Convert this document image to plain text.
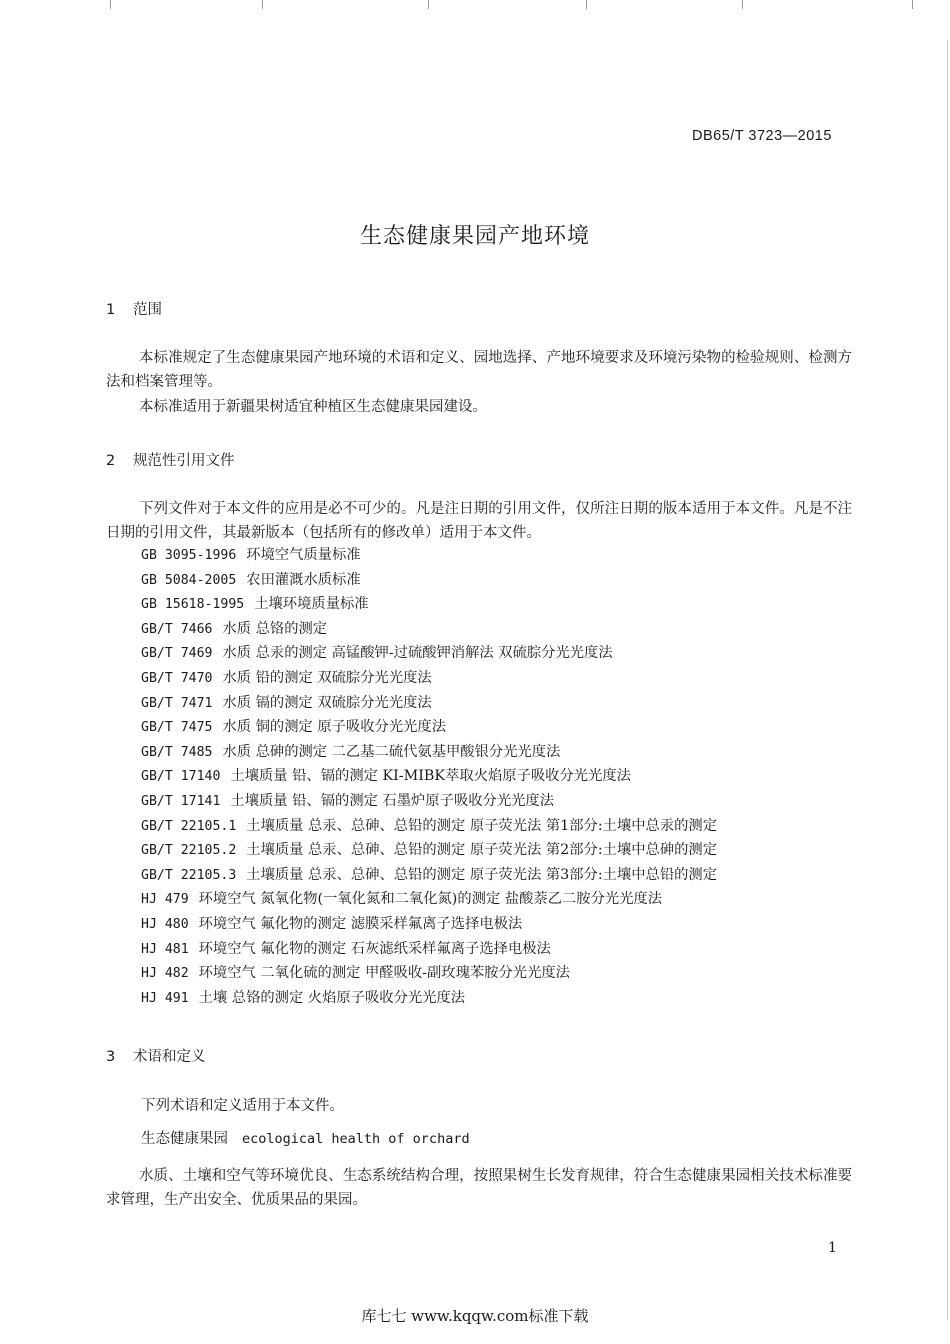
DB65/T 3723—2015
生态健康果园产地环境
1 范围
本标准规定了生态健康果园产地环境的术语和定义、园地选择、产地环境要求及环境污染物的检验规则、检测方法和档案管理等。
本标准适用于新疆果树适宜种植区生态健康果园建设。
2 规范性引用文件
下列文件对于本文件的应用是必不可少的。凡是注日期的引用文件，仅所注日期的版本适用于本文件。凡是不注日期的引用文件，其最新版本（包括所有的修改单）适用于本文件。
GB 3095-1996 环境空气质量标准
GB 5084-2005 农田灌溉水质标准
GB 15618-1995 土壤环境质量标准
GB/T 7466 水质 总铬的测定
GB/T 7469 水质 总汞的测定 高锰酸钾-过硫酸钾消解法 双硫腙分光光度法
GB/T 7470 水质 铅的测定 双硫腙分光光度法
GB/T 7471 水质 镉的测定 双硫腙分光光度法
GB/T 7475 水质 铜的测定 原子吸收分光光度法
GB/T 7485 水质 总砷的测定 二乙基二硫代氨基甲酸银分光光度法
GB/T 17140 土壤质量 铅、镉的测定 KI-MIBK萃取火焰原子吸收分光光度法
GB/T 17141 土壤质量 铅、镉的测定 石墨炉原子吸收分光光度法
GB/T 22105.1 土壤质量 总汞、总砷、总铅的测定 原子荧光法 第1部分:土壤中总汞的测定
GB/T 22105.2 土壤质量 总汞、总砷、总铅的测定 原子荧光法 第2部分:土壤中总砷的测定
GB/T 22105.3 土壤质量 总汞、总砷、总铅的测定 原子荧光法 第3部分:土壤中总铅的测定
HJ 479 环境空气 氮氧化物(一氧化氮和二氧化氮)的测定 盐酸萘乙二胺分光光度法
HJ 480 环境空气 氟化物的测定 滤膜采样氟离子选择电极法
HJ 481 环境空气 氟化物的测定 石灰滤纸采样氟离子选择电极法
HJ 482 环境空气 二氧化硫的测定 甲醛吸收-副玫瑰苯胺分光光度法
HJ 491 土壤 总铬的测定 火焰原子吸收分光光度法
3 术语和定义
下列术语和定义适用于本文件。
生态健康果园 ecological health of orchard
水质、土壤和空气等环境优良、生态系统结构合理，按照果树生长发育规律，符合生态健康果园相关技术标准要求管理，生产出安全、优质果品的果园。
1
库七七 www.kqqw.com标准下载
